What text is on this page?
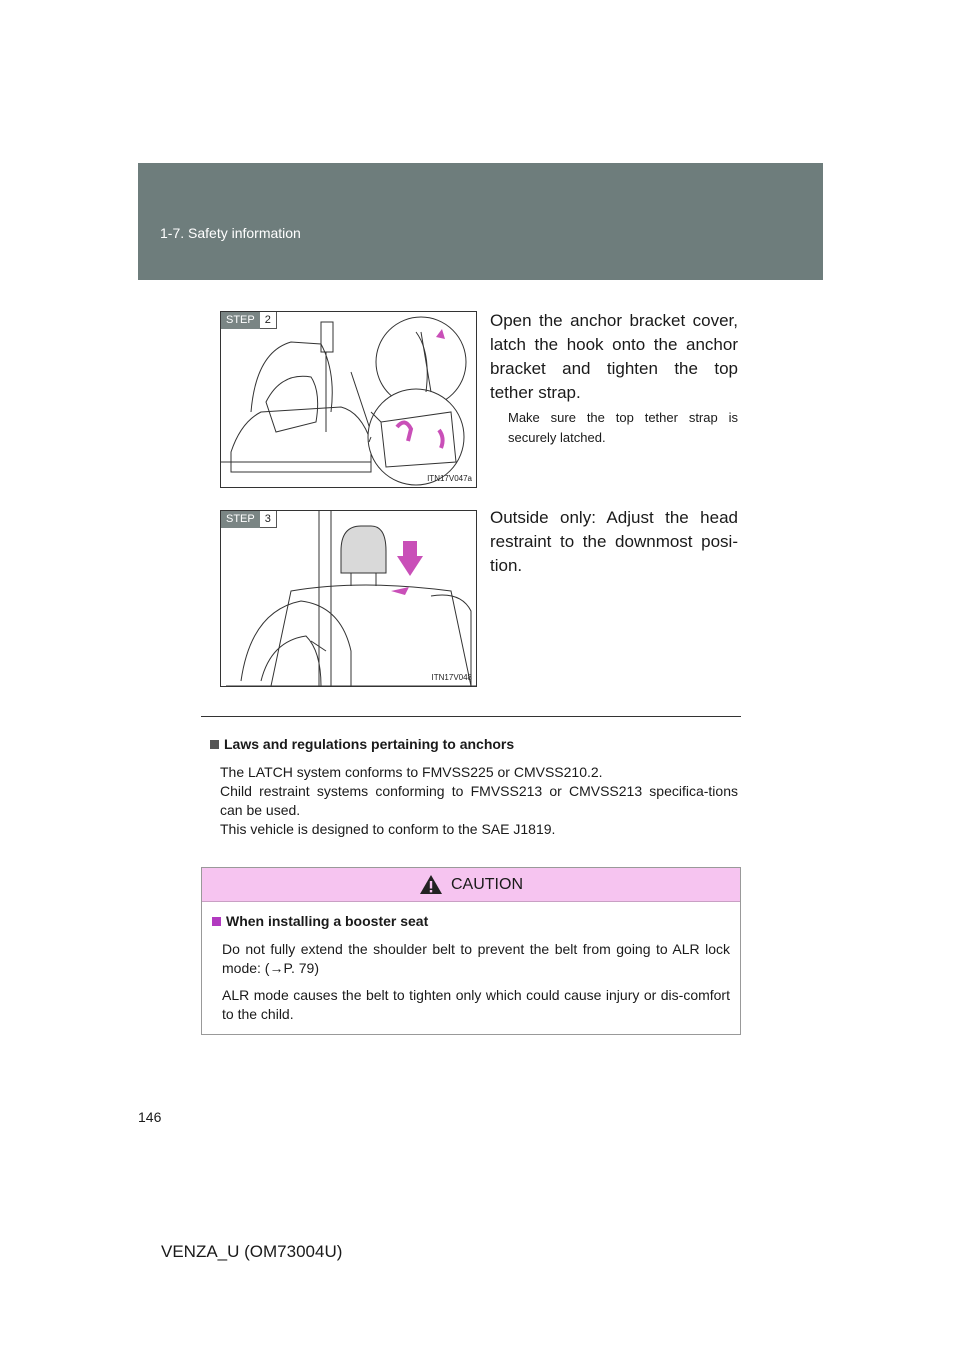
1-7. Safety information
STEP 2
ITN17V047a
Open the anchor bracket cover, latch the hook onto the anchor bracket and tighten the top tether strap.
Make sure the top tether strap is securely latched.
STEP 3
ITN17V048
Outside only: Adjust the head restraint to the downmost posi-tion.
Laws and regulations pertaining to anchors
The LATCH system conforms to FMVSS225 or CMVSS210.2.
Child restraint systems conforming to FMVSS213 or CMVSS213 specifica-tions can be used.
This vehicle is designed to conform to the SAE J1819.
CAUTION
When installing a booster seat

Do not fully extend the shoulder belt to prevent the belt from going to ALR lock mode: (→P. 79)

ALR mode causes the belt to tighten only which could cause injury or dis-comfort to the child.

146
VENZA_U (OM73004U)
